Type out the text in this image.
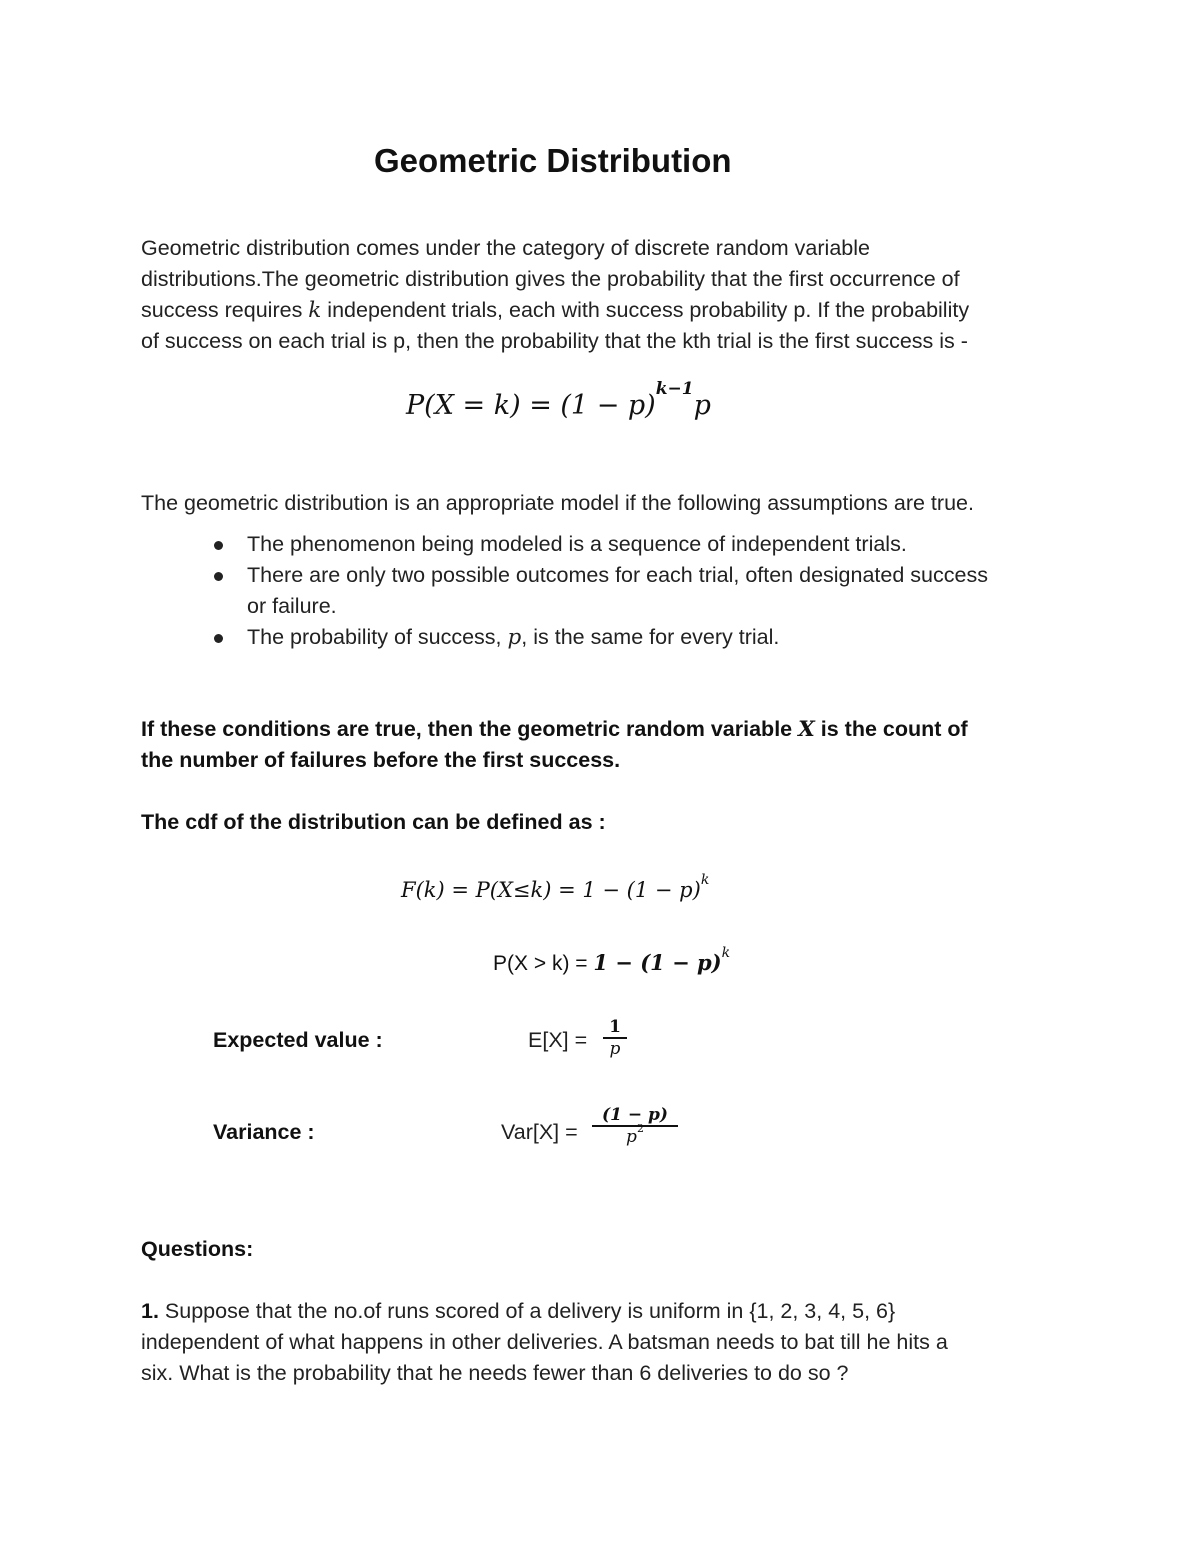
Geometric Distribution
Geometric distribution comes under the category of discrete random variable
distributions.The geometric distribution gives the probability that the first occurrence of
success requires k independent trials, each with success probability p. If the probability
of success on each trial is p, then the probability that the kth trial is the first success is -
$P(X = k) = (1 - p)^{k-1}p$
The geometric distribution is an appropriate model if the following assumptions are true.
The phenomenon being modeled is a sequence of independent trials.
There are only two possible outcomes for each trial, often designated success
or failure.
The probability of success, p, is the same for every trial.
If these conditions are true, then the geometric random variable X is the count of
the number of failures before the first success.
The cdf of the distribution can be defined as :
$F(k) = P(X\le k) = 1 - (1 - p)^k$
$P(X > k) = 1 - (1 - p)^k$
Expected value :	E[X] =
1
p
Variance :	Var[X] =
(1 − p)
$p^2$
Questions:
1. Suppose that the no.of runs scored of a delivery is uniform in {1, 2, 3, 4, 5, 6}
independent of what happens in other deliveries. A batsman needs to bat till he hits a
six. What is the probability that he needs fewer than 6 deliveries to do so ?
